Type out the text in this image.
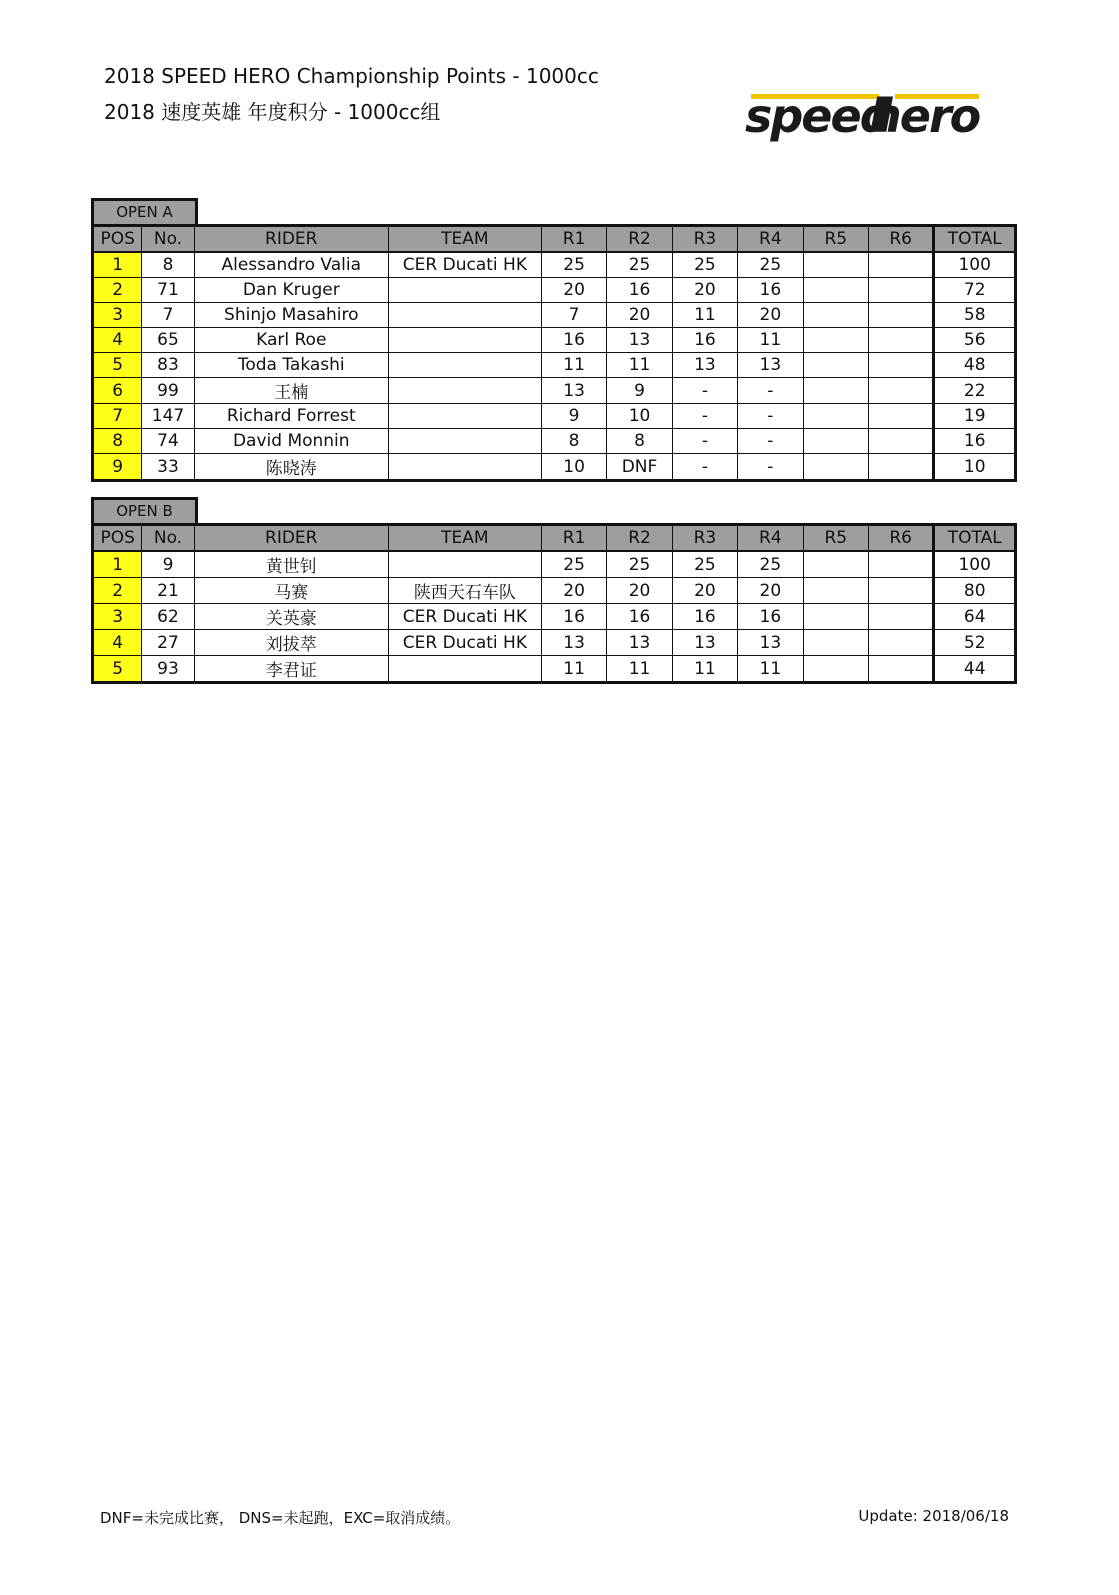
2018 SPEED HERO Championship Points - 1000cc
2018 速度英雄 年度积分 - 1000cc组	speed
hero
OPEN A
POS	No.	RIDER	TEAM	R1	R2	R3	R4	R5	R6	TOTAL
1	8	Alessandro Valia	CER Ducati HK	25	25	25	25			100
2	71	Dan Kruger		20	16	20	16			72
3	7	Shinjo Masahiro		7	20	11	20			58
4	65	Karl Roe		16	13	16	11			56
5	83	Toda Takashi		11	11	13	13			48
6	99	王楠		13	9	-	-			22
7	147	Richard Forrest		9	10	-	-			19
8	74	David Monnin		8	8	-	-			16
9	33	陈晓涛		10	DNF	-	-			10
OPEN B
POS	No.	RIDER	TEAM	R1	R2	R3	R4	R5	R6	TOTAL
1	9	黄世钊		25	25	25	25			100
2	21	马赛	陕西天石车队	20	20	20	20			80
3	62	关英豪	CER Ducati HK	16	16	16	16			64
4	27	刘拔萃	CER Ducati HK	13	13	13	13			52
5	93	李君证		11	11	11	11			44
DNF=未完成比赛， DNS=未起跑，EXC=取消成绩。	Update: 2018/06/18
